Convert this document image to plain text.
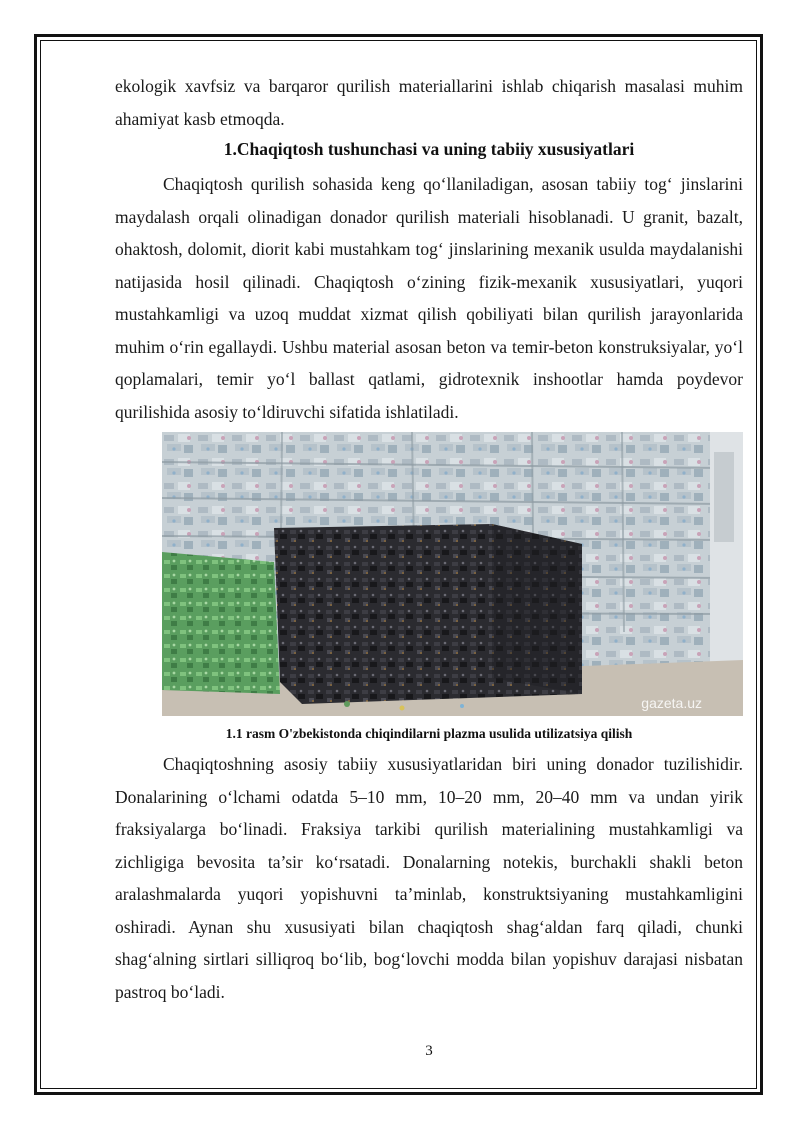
ekologik xavfsiz va barqaror qurilish materiallarini ishlab chiqarish masalasi muhim ahamiyat kasb etmoqda.
1.Chaqiqtosh tushunchasi va uning tabiiy xususiyatlari
Chaqiqtosh qurilish sohasida keng qo‘llaniladigan, asosan tabiiy tog‘ jinslarini maydalash orqali olinadigan donador qurilish materiali hisoblanadi. U granit, bazalt, ohaktosh, dolomit, diorit kabi mustahkam tog‘ jinslarining mexanik usulda maydalanishi natijasida hosil qilinadi. Chaqiqtosh o‘zining fizik-mexanik xususiyatlari, yuqori mustahkamligi va uzoq muddat xizmat qilish qobiliyati bilan qurilish jarayonlarida muhim o‘rin egallaydi. Ushbu material asosan beton va temir-beton konstruksiyalar, yo‘l qoplamalari, temir yo‘l ballast qatlami, gidrotexnik inshootlar hamda poydevor qurilishida asosiy to‘ldiruvchi sifatida ishlatiladi.
gazeta.uz
1.1 rasm O'zbekistonda chiqindilarni plazma usulida utilizatsiya qilish
Chaqiqtoshning asosiy tabiiy xususiyatlaridan biri uning donador tuzilishidir. Donalarining o‘lchami odatda 5–10 mm, 10–20 mm, 20–40 mm va undan yirik fraksiyalarga bo‘linadi. Fraksiya tarkibi qurilish materialining mustahkamligi va zichligiga bevosita ta’sir ko‘rsatadi. Donalarning notekis, burchakli shakli beton aralashmalarda yuqori yopishuvni ta’minlab, konstruktsiyaning mustahkamligini oshiradi. Aynan shu xususiyati bilan chaqiqtosh shag‘aldan farq qiladi, chunki shag‘alning sirtlari silliqroq bo‘lib, bog‘lovchi modda bilan yopishuv darajasi nisbatan pastroq bo‘ladi.
3
